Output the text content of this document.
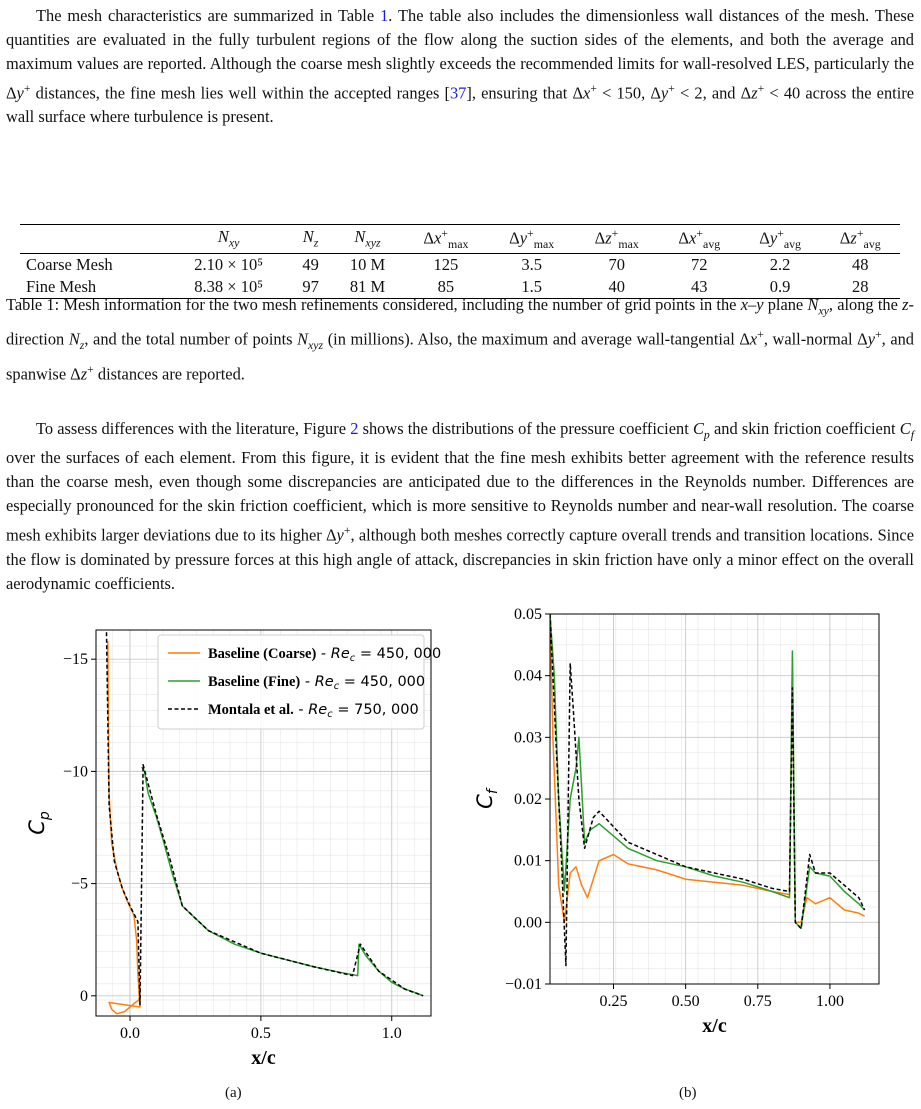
The mesh characteristics are summarized in Table 1. The table also includes the dimensionless wall distances of the mesh. These quantities are evaluated in the fully turbulent regions of the flow along the suction sides of the elements, and both the average and maximum values are reported. Although the coarse mesh slightly exceeds the recommended limits for wall-resolved LES, particularly the Δy+ distances, the fine mesh lies well within the accepted ranges [37], ensuring that Δx+ < 150, Δy+ < 2, and Δz+ < 40 across the entire wall surface where turbulence is present.

	$N_{xy}$	$N_z$	$N_{xyz}$	$\Delta x^+_{max}$	$\Delta y^+_{max}$	$\Delta z^+_{max}$	$\Delta x^+_{avg}$	$\Delta y^+_{avg}$	$\Delta z^+_{avg}$
Coarse Mesh	2.10 × 10⁵	49	10 M	125	3.5	70	72	2.2	48
Fine Mesh	8.38 × 10⁵	97	81 M	85	1.5	40	43	0.9	28

Table 1: Mesh information for the two mesh refinements considered, including the number of grid points in the x–y plane $N_{xy}$, along the z-direction $N_z$, and the total number of points $N_{xyz}$ (in millions). Also, the maximum and average wall-tangential Δx+, wall-normal Δy+, and spanwise Δz+ distances are reported.

To assess differences with the literature, Figure 2 shows the distributions of the pressure coefficient $C_p$ and skin friction coefficient $C_f$ over the surfaces of each element. From this figure, it is evident that the fine mesh exhibits better agreement with the reference results than the coarse mesh, even though some discrepancies are anticipated due to the differences in the Reynolds number. Differences are especially pronounced for the skin friction coefficient, which is more sensitive to Reynolds number and near-wall resolution. The coarse mesh exhibits larger deviations due to its higher Δy+, although both meshes correctly capture overall trends and transition locations. Since the flow is dominated by pressure forces at this high angle of attack, discrepancies in skin friction have only a minor effect on the overall aerodynamic coefficients.

0.0	0.5	1.0
−15
−10
−5
0
x/c
$C_p$
Baseline (Coarse) - $Re_c = 450$, 000
Baseline (Fine) - $Re_c = 450$, 000
Montala et al. - $Re_c = 750$, 000
(a)
0.25	0.50	0.75	1.00
0.05
0.04
0.03
0.02
0.01
0.00
−0.01
x/c
$C_f$
(b)
